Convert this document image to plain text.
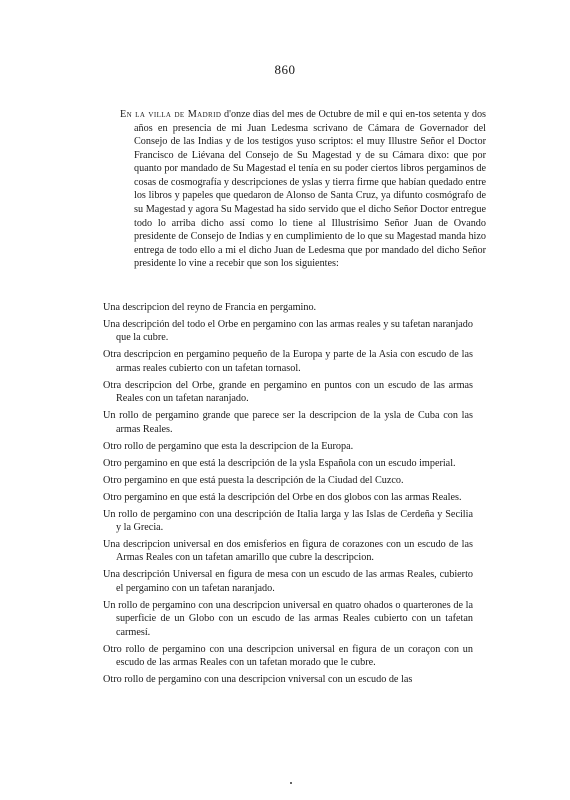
860

En la villa de Madrid d'onze dias del mes de Octubre de mil e qui en-tos setenta y dos años en presencia de mi Juan Ledesma scrivano de Cámara de Governador del Consejo de las Indias y de los testigos yuso scriptos: el muy Illustre Señor el Doctor Francisco de Liévana del Consejo de Su Magestad y de su Cámara dixo: que por quanto por mandado de Su Magestad el tenía en su poder ciertos libros pergaminos de cosas de cosmografía y descripciones de yslas y tierra firme que habían quedado entre los libros y papeles que quedaron de Alonso de Santa Cruz, ya difunto cosmógrafo de su Magestad y agora Su Magestad ha sido servido que el dicho Señor Doctor entregue todo lo arriba dicho assí como lo tiene al Illustrísimo Señor Juan de Ovando presidente de Consejo de Indias y en cumplimiento de lo que su Magestad manda hizo entrega de todo ello a mi el dicho Juan de Ledesma que por mandado del dicho Señor presidente lo vine a recebir que son los siguientes:

Una descripcion del reyno de Francia en pergamino.
Una descripción del todo el Orbe en pergamino con las armas reales y su tafetan naranjado que la cubre.
Otra descripcion en pergamino pequeño de la Europa y parte de la Asia con escudo de las armas reales cubierto con un tafetan tornasol.
Otra descripcion del Orbe, grande en pergamino en puntos con un escudo de las armas Reales con un tafetan naranjado.
Un rollo de pergamino grande que parece ser la descripcion de la ysla de Cuba con las armas Reales.
Otro rollo de pergamino que esta la descripcion de la Europa.
Otro pergamino en que está la descripción de la ysla Española con un escudo imperial.
Otro pergamino en que está puesta la descripción de la Ciudad del Cuzco.
Otro pergamino en que está la descripción del Orbe en dos globos con las armas Reales.
Un rollo de pergamino con una descripción de Italia larga y las Islas de Cerdeña y Secilia y la Grecia.
Una descripcion universal en dos emisferios en figura de corazones con un escudo de las Armas Reales con un tafetan amarillo que cubre la descripcion.
Una descripción Universal en figura de mesa con un escudo de las armas Reales, cubierto el pergamino con un tafetan naranjado.
Un rollo de pergamino con una descripcion universal en quatro ohados o quarterones de la superficie de un Globo con un escudo de las armas Reales cubierto con un tafetan carmesí.
Otro rollo de pergamino con una descripcion universal en figura de un coraçon con un escudo de las armas Reales con un tafetan morado que le cubre.
Otro rollo de pergamino con una descripcion vniversal con un escudo de las
